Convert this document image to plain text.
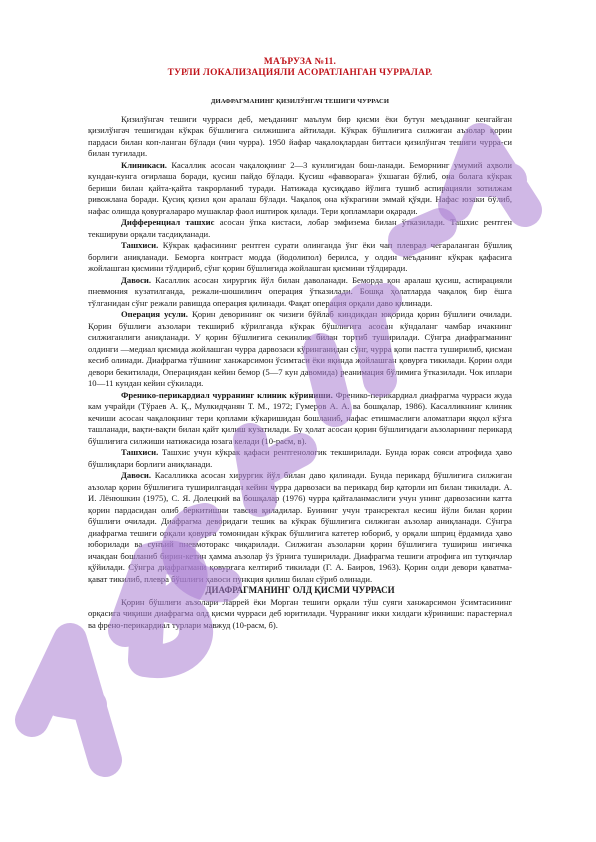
МАЪРУЗА №11.
ТУРЛИ ЛОКАЛИЗАЦИЯЛИ АСОРАТЛАНГАН ЧУРРАЛАР.
ДИАФРАГМАНИНГ ҚИЗИЛЎНГАЧ ТЕШИГИ ЧУРРАСИ

Қизилўнгач тешиги чурраси деб, меъданинг маълум бир қисми ёки бутун меъданинг кенгайган қизилўнгач тешигидан кўкрак бўшлиғига силжишига айтилади. Кўкрак бўшлиғига силжиган аъзолар қорин пардаси билан коп-ланган бўлади (чин чурра). 1950 йафар чақалоқлардан биттаси қизилўнгач тешиги чурра-си билан туғилади.

Клиникаси. Касаллик асосан чақалоқнинг 2—3 кунлигидан бош-ланади. Беморнинг умумий аҳволи кундан-кунга оғирлаша боради, қусиш пайдо бўлади. Қусиш «фавворага» ўхшаган бўлиб, она болага кўкрак бериши билан қайта-қайта такрорланиб туради. Натижада қусиқдаво йўлига тушиб аспирацияли зотилжам ривожлана боради. Қусиқ қизил қон аралаш бўлади. Чақалоқ она кўкрагини эммай қўяди. Нафас юзаки бўлиб, нафас олишда қовурғалараро мушаклар фаол иштирок қилади. Тери қопламлари оқаради.

Дифференциал ташхис асосан ўпка кистаси, лобар эмфизема билан ўтказилади. Ташхис рентген текшируви орқали тасдиқланади.

Ташхиси. Кўкрак қафасининг рентген сурати олинганда ўнг ёки чап плеврал чегараланган бўшлиқ борлиги аниқланади. Беморга контраст модда (йодолипол) берилса, у олдин меъданинг кўкрак қафасига жойлашган қисмини тўлдириб, сўнг қорин бўшлиғида жойлашган қисмини тўлдиради.

Давоси. Касаллик асосан хирургик йўл билан даволанади. Беморда қон аралаш қусиш, аспирацияли пневмония кузатилганда, режали-шошилинч операция ўтказилади. Бошқа ҳолатларда чақалоқ бир ёшга тўлганидан сўнг режали равишда операция қилинади. Фақат операция орқали даво қилинади.

Операция усули. Қорин деворининг ок чизиғи бўйлаб киндикдан юқорида қорин бўшлиғи очилади. Қорин бўшлиғи аъзолари текшириб кўрилганда кўкрак бўшлиғига асосан кўндаланг чамбар ичакнинг силжиганлиги аниқланади. У қорин бўшлиғига секинлик билан тортиб туширилади. Сўнгра диафрагманинг олдинги —медиал қисмида жойлашган чурра дарвозаси кўринганидан сўнг, чурра қопи пастга туширилиб, қисман кесиб олинади. Диафрагма тўшнинг ханжарсимон ўсимтаси ёки яқинда жойлашган қовурға тикилади. Қорин олди девори бекитилади, Операциядан кейин бемор (5—7 кун давомида) реанимация бўлимига ўтказилади. Чок иплари 10—11 кундан кейин сўкилади.

Френико-перикардиал чурранинг клиник кўриниши. Френико-перикардиал диафрагма чурраси жуда кам учрайди (Тўраев А. Қ., Мулкидҷанян Т. М., 1972; Гумеров А. А. ва бошқалар, 1986). Касалликнинг клиник кечиши асосан чақалоқнинг тери қоплами кўкаришидан бошланиб, нафас етишмаслиги аломатлари яққол кўзга ташланади, вақти-вақти билан қайт қилиш кузатилади. Бу ҳолат асосан қорин бўшлиғидаги аъзоларнинг перикард бўшлиғига силжиши натижасида юзага келади (10-расм, в).

Ташхиси. Ташхис учун кўкрак қафаси рентгенологик текширилади. Бунда юрак сояси атрофида ҳаво бўшлиқлари борлиги аниқланади.

Давоси. Касалликка асосан хирургик йўл билан даво қилинади. Бунда перикард бўшлиғига силжиган аъзолар қорин бўшлиғига туширилгандан кейин чурра дарвозаси ва перикард бир қаторли ип билан тикилади. А. И. Лёнюшкин (1975), С. Я. Долецкий ва бошқалар (1976) чурра қайталанмаслиги учун унинг дарвозасини катта қорин пардасидан олиб беркитишни тавсия қиладилар. Буининг учун трансректал кесиш йўли билан қорин бўшлиғи очилади. Диафрагма деворидаги тешик ва кўкрак бўшлиғига силжиган аъзолар аниқланади. Сўнгра диафрагма тешиги орқали қовурға томонидан кўкрак бўшлиғига катетер юбориб, у орқали шприц ёрдамида ҳаво юборилади ва сунъий пневмоторакс чиқарилади. Силжиган аъзоларни қорин бўшлиғига тушириш ингичка ичакдан бошланиб бирин-кетин ҳамма аъзолар ўз ўрнига туширилади. Диафрагма тешиги атрофига ип тутқичлар қўйилади. Сўнгра диафрагмани қовурғага келтириб тикилади (Г. А. Баиров, 1963). Қорин олди девори қаватма-қават тикилиб, плевра бўшлиғи ҳавоси пункция қилиш билан сўриб олинади.

ДИАФРАГМАНИНГ ОЛД ҚИСМИ ЧУРРАСИ

Қорин бўшлиғи аъзолари Ларрей ёки Морган тешиги орқали тўш суяги ханжарсимон ўсимтасининг орқасига чиқиши диафрагма олд қисми чурраси деб юритилади. Чурранинг икки хилдаги кўриниши: парастернал ва френо-перикардиал турлари мавжуд (10-расм, б).
